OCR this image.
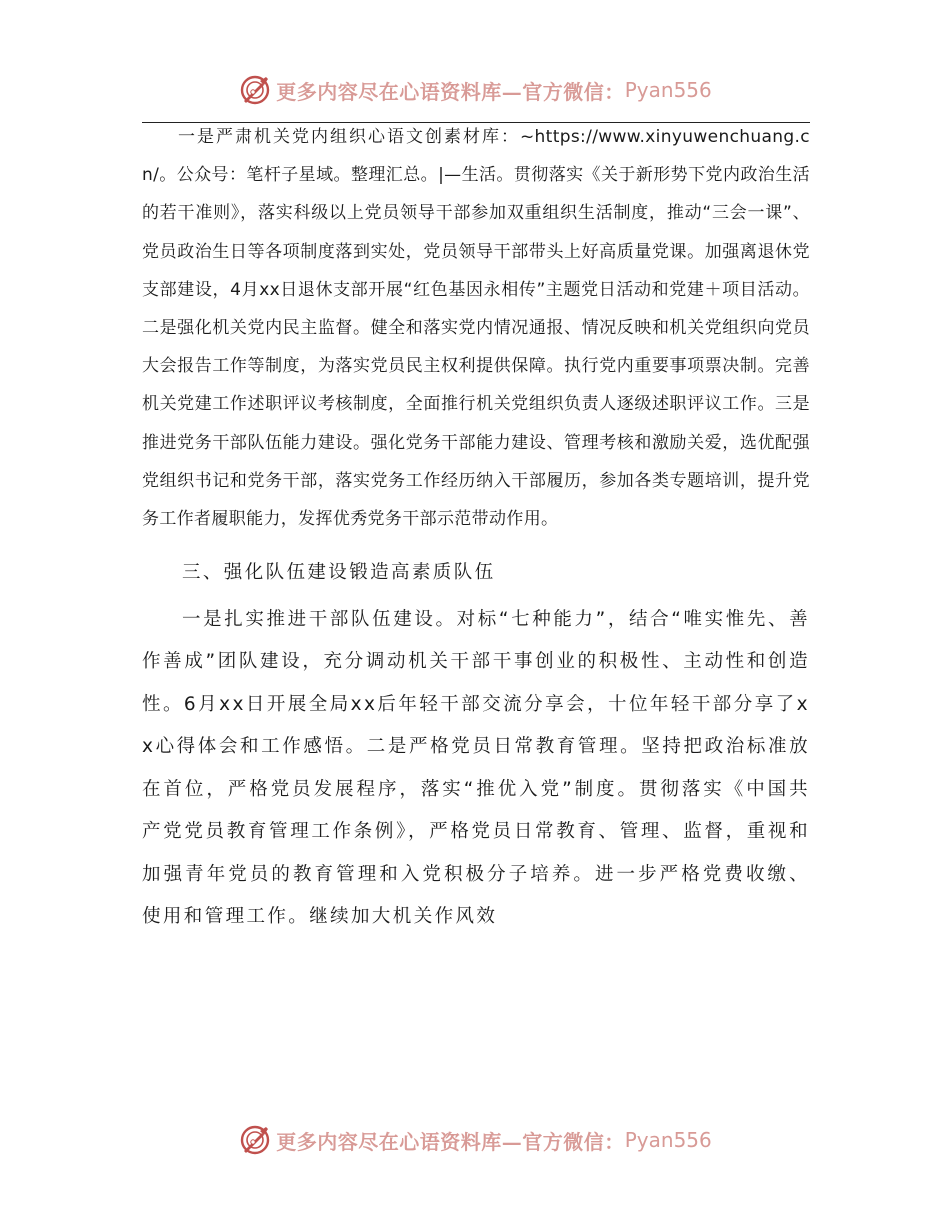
更多内容尽在心语资料库—官方微信： Pyan556

一是严肃机关党内组织心语文创素材库：~https://www.xinyuwenchuang.cn/。公众号：笔杆子星域。整理汇总。|—生活。贯彻落实《关于新形势下党内政治生活的若干准则》，落实科级以上党员领导干部参加双重组织生活制度，推动“三会一课”、党员政治生日等各项制度落到实处，党员领导干部带头上好高质量党课。加强离退休党支部建设，4月xx日退休支部开展“红色基因永相传”主题党日活动和党建＋项目活动。二是强化机关党内民主监督。健全和落实党内情况通报、情况反映和机关党组织向党员大会报告工作等制度，为落实党员民主权利提供保障。执行党内重要事项票决制。完善机关党建工作述职评议考核制度，全面推行机关党组织负责人逐级述职评议工作。三是推进党务干部队伍能力建设。强化党务干部能力建设、管理考核和激励关爱，选优配强党组织书记和党务干部，落实党务工作经历纳入干部履历，参加各类专题培训，提升党务工作者履职能力，发挥优秀党务干部示范带动作用。

三、强化队伍建设锻造高素质队伍

一是扎实推进干部队伍建设。对标“七种能力”，结合“唯实惟先、善作善成”团队建设，充分调动机关干部干事创业的积极性、主动性和创造性。6月xx日开展全局xx后年轻干部交流分享会，十位年轻干部分享了xx心得体会和工作感悟。二是严格党员日常教育管理。坚持把政治标准放在首位，严格党员发展程序，落实“推优入党”制度。贯彻落实《中国共产党党员教育管理工作条例》，严格党员日常教育、管理、监督，重视和加强青年党员的教育管理和入党积极分子培养。进一步严格党费收缴、使用和管理工作。继续加大机关作风效

更多内容尽在心语资料库—官方微信： Pyan556
